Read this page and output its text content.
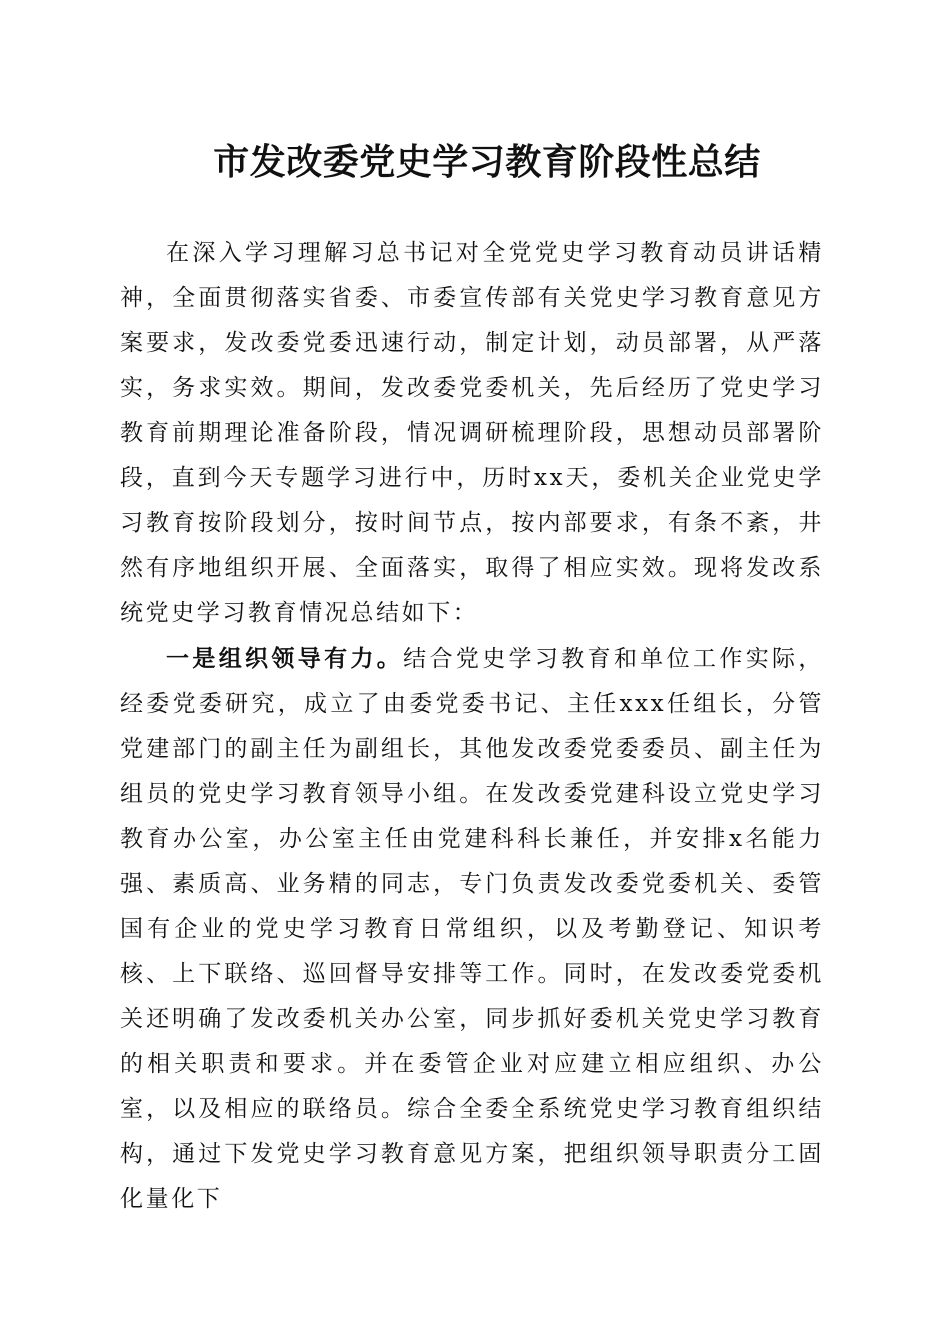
市发改委党史学习教育阶段性总结

在深入学习理解习总书记对全党党史学习教育动员讲话精神，全面贯彻落实省委、市委宣传部有关党史学习教育意见方案要求，发改委党委迅速行动，制定计划，动员部署，从严落实，务求实效。期间，发改委党委机关，先后经历了党史学习教育前期理论准备阶段，情况调研梳理阶段，思想动员部署阶段，直到今天专题学习进行中，历时xx天，委机关企业党史学习教育按阶段划分，按时间节点，按内部要求，有条不紊，井然有序地组织开展、全面落实，取得了相应实效。现将发改系统党史学习教育情况总结如下：

一是组织领导有力。结合党史学习教育和单位工作实际，经委党委研究，成立了由委党委书记、主任xxx任组长，分管党建部门的副主任为副组长，其他发改委党委委员、副主任为组员的党史学习教育领导小组。在发改委党建科设立党史学习教育办公室，办公室主任由党建科科长兼任，并安排x名能力强、素质高、业务精的同志，专门负责发改委党委机关、委管国有企业的党史学习教育日常组织，以及考勤登记、知识考核、上下联络、巡回督导安排等工作。同时，在发改委党委机关还明确了发改委机关办公室，同步抓好委机关党史学习教育的相关职责和要求。并在委管企业对应建立相应组织、办公室，以及相应的联络员。综合全委全系统党史学习教育组织结构，通过下发党史学习教育意见方案，把组织领导职责分工固化量化下
